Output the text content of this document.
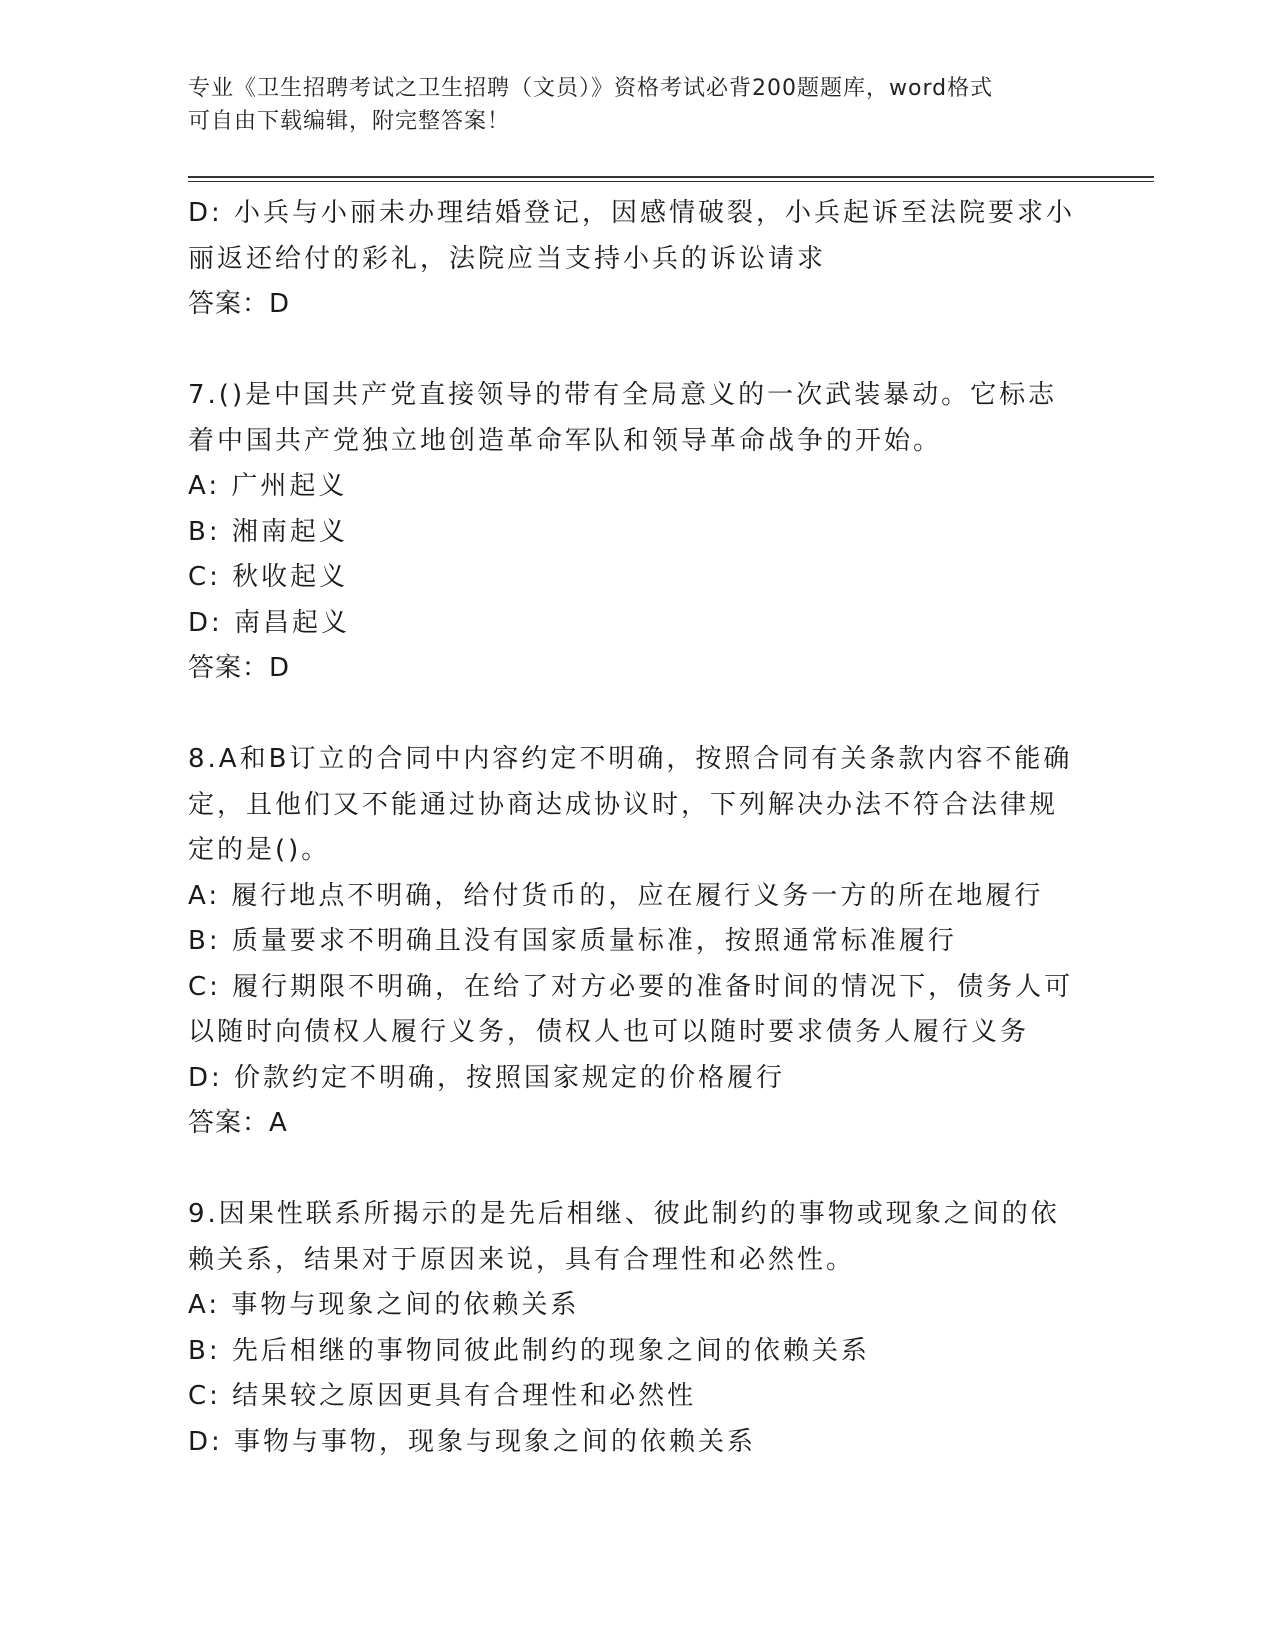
专业《卫生招聘考试之卫生招聘（文员）》资格考试必背200题题库，word格式
可自由下载编辑，附完整答案！
D: 小兵与小丽未办理结婚登记，因感情破裂，小兵起诉至法院要求小
丽返还给付的彩礼，法院应当支持小兵的诉讼请求
答案：D
7.()是中国共产党直接领导的带有全局意义的一次武装暴动。它标志
着中国共产党独立地创造革命军队和领导革命战争的开始。
A: 广州起义
B: 湘南起义
C: 秋收起义
D: 南昌起义
答案：D
8.A和B订立的合同中内容约定不明确，按照合同有关条款内容不能确
定，且他们又不能通过协商达成协议时，下列解决办法不符合法律规
定的是()。
A: 履行地点不明确，给付货币的，应在履行义务一方的所在地履行
B: 质量要求不明确且没有国家质量标准，按照通常标准履行
C: 履行期限不明确，在给了对方必要的准备时间的情况下，债务人可
以随时向债权人履行义务，债权人也可以随时要求债务人履行义务
D: 价款约定不明确，按照国家规定的价格履行
答案：A
9.因果性联系所揭示的是先后相继、彼此制约的事物或现象之间的依
赖关系，结果对于原因来说，具有合理性和必然性。
A: 事物与现象之间的依赖关系
B: 先后相继的事物同彼此制约的现象之间的依赖关系
C: 结果较之原因更具有合理性和必然性
D: 事物与事物，现象与现象之间的依赖关系
